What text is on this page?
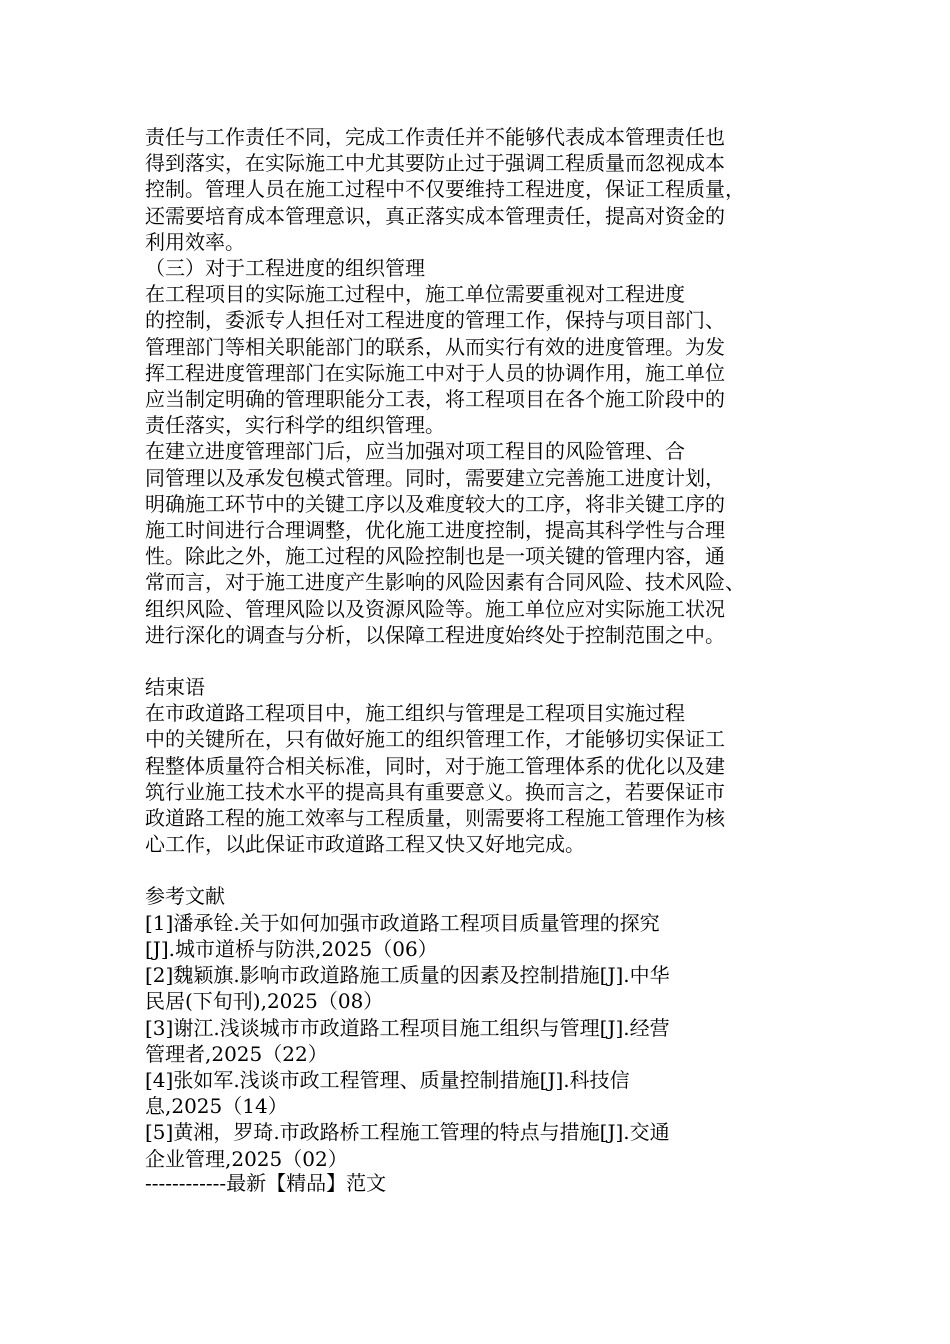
责任与工作责任不同，完成工作责任并不能够代表成本管理责任也
得到落实，在实际施工中尤其要防止过于强调工程质量而忽视成本
控制。管理人员在施工过程中不仅要维持工程进度，保证工程质量，
还需要培育成本管理意识，真正落实成本管理责任，提高对资金的
利用效率。

（三）对于工程进度的组织管理

在工程项目的实际施工过程中，施工单位需要重视对工程进度
的控制，委派专人担任对工程进度的管理工作，保持与项目部门、
管理部门等相关职能部门的联系，从而实行有效的进度管理。为发
挥工程进度管理部门在实际施工中对于人员的协调作用，施工单位
应当制定明确的管理职能分工表，将工程项目在各个施工阶段中的
责任落实，实行科学的组织管理。

在建立进度管理部门后，应当加强对项工程目的风险管理、合
同管理以及承发包模式管理。同时，需要建立完善施工进度计划，
明确施工环节中的关键工序以及难度较大的工序，将非关键工序的
施工时间进行合理调整，优化施工进度控制，提高其科学性与合理
性。除此之外，施工过程的风险控制也是一项关键的管理内容，通
常而言，对于施工进度产生影响的风险因素有合同风险、技术风险、
组织风险、管理风险以及资源风险等。施工单位应对实际施工状况
进行深化的调查与分析，以保障工程进度始终处于控制范围之中。

结束语

在市政道路工程项目中，施工组织与管理是工程项目实施过程
中的关键所在，只有做好施工的组织管理工作，才能够切实保证工
程整体质量符合相关标准，同时，对于施工管理体系的优化以及建
筑行业施工技术水平的提高具有重要意义。换而言之，若要保证市
政道路工程的施工效率与工程质量，则需要将工程施工管理作为核
心工作，以此保证市政道路工程又快又好地完成。

参考文献

[1]潘承铨.关于如何加强市政道路工程项目质量管理的探究
[J].城市道桥与防洪,2025（06）

[2]魏颖旗.影响市政道路施工质量的因素及控制措施[J].中华
民居(下旬刊),2025（08）

[3]谢江.浅谈城市市政道路工程项目施工组织与管理[J].经营
管理者,2025（22）

[4]张如军.浅谈市政工程管理、质量控制措施[J].科技信
息,2025（14）

[5]黄湘，罗琦.市政路桥工程施工管理的特点与措施[J].交通
企业管理,2025（02）

------------最新【精品】范文
